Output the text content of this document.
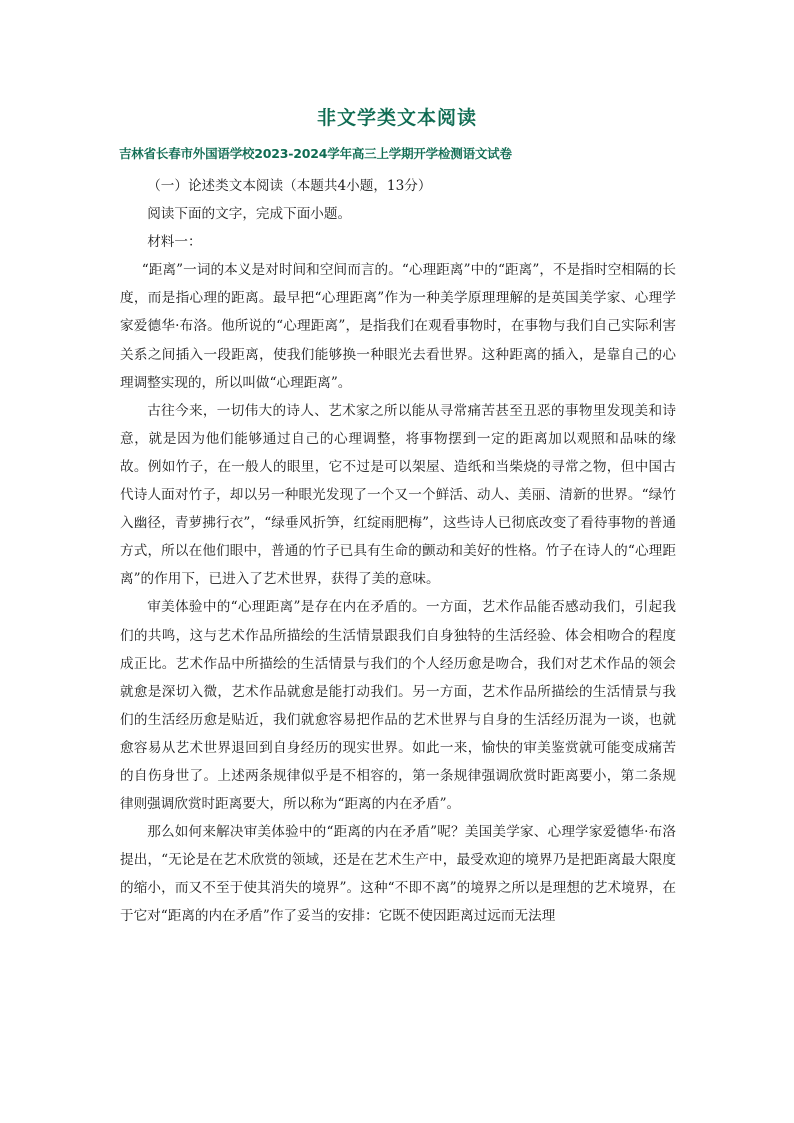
非文学类文本阅读
吉林省长春市外国语学校2023-2024学年高三上学期开学检测语文试卷

（一）论述类文本阅读（本题共4小题，13分）

阅读下面的文字，完成下面小题。

材料一：

“距离”一词的本义是对时间和空间而言的。“心理距离”中的“距离”，不是指时空相隔的长度，而是指心理的距离。最早把“心理距离”作为一种美学原理理解的是英国美学家、心理学家爱德华·布洛。他所说的“心理距离”，是指我们在观看事物时，在事物与我们自己实际利害关系之间插入一段距离，使我们能够换一种眼光去看世界。这种距离的插入，是靠自己的心理调整实现的，所以叫做“心理距离”。

古往今来，一切伟大的诗人、艺术家之所以能从寻常痛苦甚至丑恶的事物里发现美和诗意，就是因为他们能够通过自己的心理调整，将事物摆到一定的距离加以观照和品味的缘故。例如竹子，在一般人的眼里，它不过是可以架屋、造纸和当柴烧的寻常之物，但中国古代诗人面对竹子，却以另一种眼光发现了一个又一个鲜活、动人、美丽、清新的世界。“绿竹入幽径，青萝拂行衣”，“绿垂风折笋，红绽雨肥梅”，这些诗人已彻底改变了看待事物的普通方式，所以在他们眼中，普通的竹子已具有生命的颤动和美好的性格。竹子在诗人的“心理距离”的作用下，已进入了艺术世界，获得了美的意味。

审美体验中的“心理距离”是存在内在矛盾的。一方面，艺术作品能否感动我们，引起我们的共鸣，这与艺术作品所描绘的生活情景跟我们自身独特的生活经验、体会相吻合的程度成正比。艺术作品中所描绘的生活情景与我们的个人经历愈是吻合，我们对艺术作品的领会就愈是深切入微，艺术作品就愈是能打动我们。另一方面，艺术作品所描绘的生活情景与我们的生活经历愈是贴近，我们就愈容易把作品的艺术世界与自身的生活经历混为一谈，也就愈容易从艺术世界退回到自身经历的现实世界。如此一来，愉快的审美鉴赏就可能变成痛苦的自伤身世了。上述两条规律似乎是不相容的，第一条规律强调欣赏时距离要小，第二条规律则强调欣赏时距离要大，所以称为“距离的内在矛盾”。

那么如何来解决审美体验中的“距离的内在矛盾”呢？美国美学家、心理学家爱德华·布洛提出，“无论是在艺术欣赏的领域，还是在艺术生产中，最受欢迎的境界乃是把距离最大限度的缩小，而又不至于使其消失的境界”。这种“不即不离”的境界之所以是理想的艺术境界，在于它对“距离的内在矛盾”作了妥当的安排：它既不使因距离过远而无法理
